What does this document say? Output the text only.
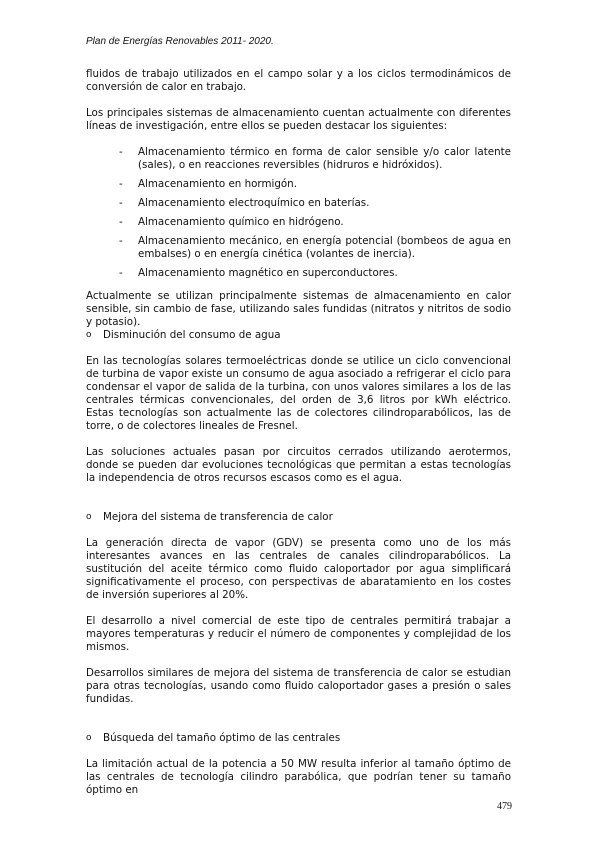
Plan de Energías Renovables 2011- 2020.

fluidos de trabajo utilizados en el campo solar y a los ciclos termodinámicos de conversión de calor en trabajo.

Los principales sistemas de almacenamiento cuentan actualmente con diferentes líneas de investigación, entre ellos se pueden destacar los siguientes:

- Almacenamiento térmico en forma de calor sensible y/o calor latente (sales), o en reacciones reversibles (hidruros e hidróxidos).
- Almacenamiento en hormigón.
- Almacenamiento electroquímico en baterías.
- Almacenamiento químico en hidrógeno.
- Almacenamiento mecánico, en energía potencial (bombeos de agua en embalses) o en energía cinética (volantes de inercia).
- Almacenamiento magnético en superconductores.

Actualmente se utilizan principalmente sistemas de almacenamiento en calor sensible, sin cambio de fase, utilizando sales fundidas (nitratos y nitritos de sodio y potasio).

o Disminución del consumo de agua

En las tecnologías solares termoeléctricas donde se utilice un ciclo convencional de turbina de vapor existe un consumo de agua asociado a refrigerar el ciclo para condensar el vapor de salida de la turbina, con unos valores similares a los de las centrales térmicas convencionales, del orden de 3,6 litros por kWh eléctrico. Estas tecnologías son actualmente las de colectores cilindroparabólicos, las de torre, o de colectores lineales de Fresnel.

Las soluciones actuales pasan por circuitos cerrados utilizando aerotermos, donde se pueden dar evoluciones tecnológicas que permitan a estas tecnologías la independencia de otros recursos escasos como es el agua.

o Mejora del sistema de transferencia de calor

La generación directa de vapor (GDV) se presenta como uno de los más interesantes avances en las centrales de canales cilindroparabólicos. La sustitución del aceite térmico como fluido caloportador por agua simplificará significativamente el proceso, con perspectivas de abaratamiento en los costes de inversión superiores al 20%.

El desarrollo a nivel comercial de este tipo de centrales permitirá trabajar a mayores temperaturas y reducir el número de componentes y complejidad de los mismos.

Desarrollos similares de mejora del sistema de transferencia de calor se estudian para otras tecnologías, usando como fluido caloportador gases a presión o sales fundidas.

o Búsqueda del tamaño óptimo de las centrales

La limitación actual de la potencia a 50 MW resulta inferior al tamaño óptimo de las centrales de tecnología cilindro parabólica, que podrían tener su tamaño óptimo en

479
